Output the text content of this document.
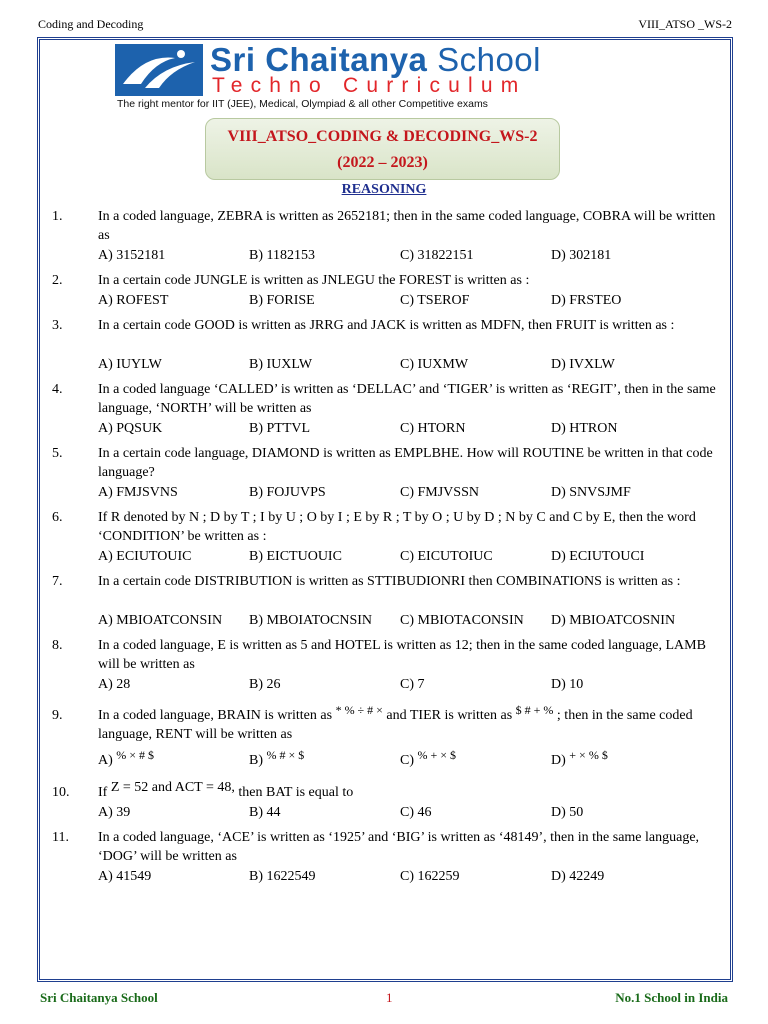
Coding and Decoding	VIII_ATSO _WS-2
Sri Chaitanya School
Techno Curriculum
The right mentor for IIT (JEE), Medical, Olympiad & all other Competitive exams
VIII_ATSO_CODING & DECODING_WS-2
(2022 – 2023)
REASONING
1.	In a coded language, ZEBRA is written as 2652181; then in the same coded language, COBRA will be written as
A) 3152181	B) 1182153	C) 31822151	D) 302181
2.	In a certain code JUNGLE is written as JNLEGU the FOREST is written as :
A) ROFEST	B) FORISE	C) TSEROF	D) FRSTEO
3.	In a certain code GOOD is written as JRRG and JACK is written as MDFN, then FRUIT is written as :
A) IUYLW	B) IUXLW	C) IUXMW	D) IVXLW
4.	In a coded language ‘CALLED’ is written as ‘DELLAC’ and ‘TIGER’ is written as ‘REGIT’, then in the same language, ‘NORTH’ will be written as
A) PQSUK	B) PTTVL	C) HTORN	D) HTRON
5.	In a certain code language, DIAMOND is written as EMPLBHE. How will ROUTINE be written in that code language?
A) FMJSVNS	B) FOJUVPS	C) FMJVSSN	D) SNVSJMF
6.	If R denoted by N ; D by T ; I by U ; O by I ; E by R ; T by O ; U by D ; N by C and C by E, then the word ‘CONDITION’ be written as :
A) ECIUTOUIC	B) EICTUOUIC	C) EICUTOIUC	D) ECIUTOUCI
7.	In a certain code DISTRIBUTION is written as STTIBUDIONRI then COMBINATIONS is written as :
A) MBIOATCONSIN B) MBOIATOCNSIN C) MBIOTACONSIN D) MBIOATCOSNIN
8.	In a coded language, E is written as 5 and HOTEL is written as 12; then in the same coded language, LAMB will be written as
A) 28	B) 26	C) 7	D) 10
9.	In a coded language, BRAIN is written as * % ÷ # × and TIER is written as $ # + % ; then in the same coded language, RENT will be written as
A) % × # $	B) % # × $	C) % + × $	D) + × % $
10. If Z = 52 and ACT = 48, then BAT is equal to
A) 39	B) 44	C) 46	D) 50
11. In a coded language, ‘ACE’ is written as ‘1925’ and ‘BIG’ is written as ‘48149’, then in the same language, ‘DOG’ will be written as
A) 41549	B) 1622549	C) 162259	D) 42249
Sri Chaitanya School	1	No.1 School in India
